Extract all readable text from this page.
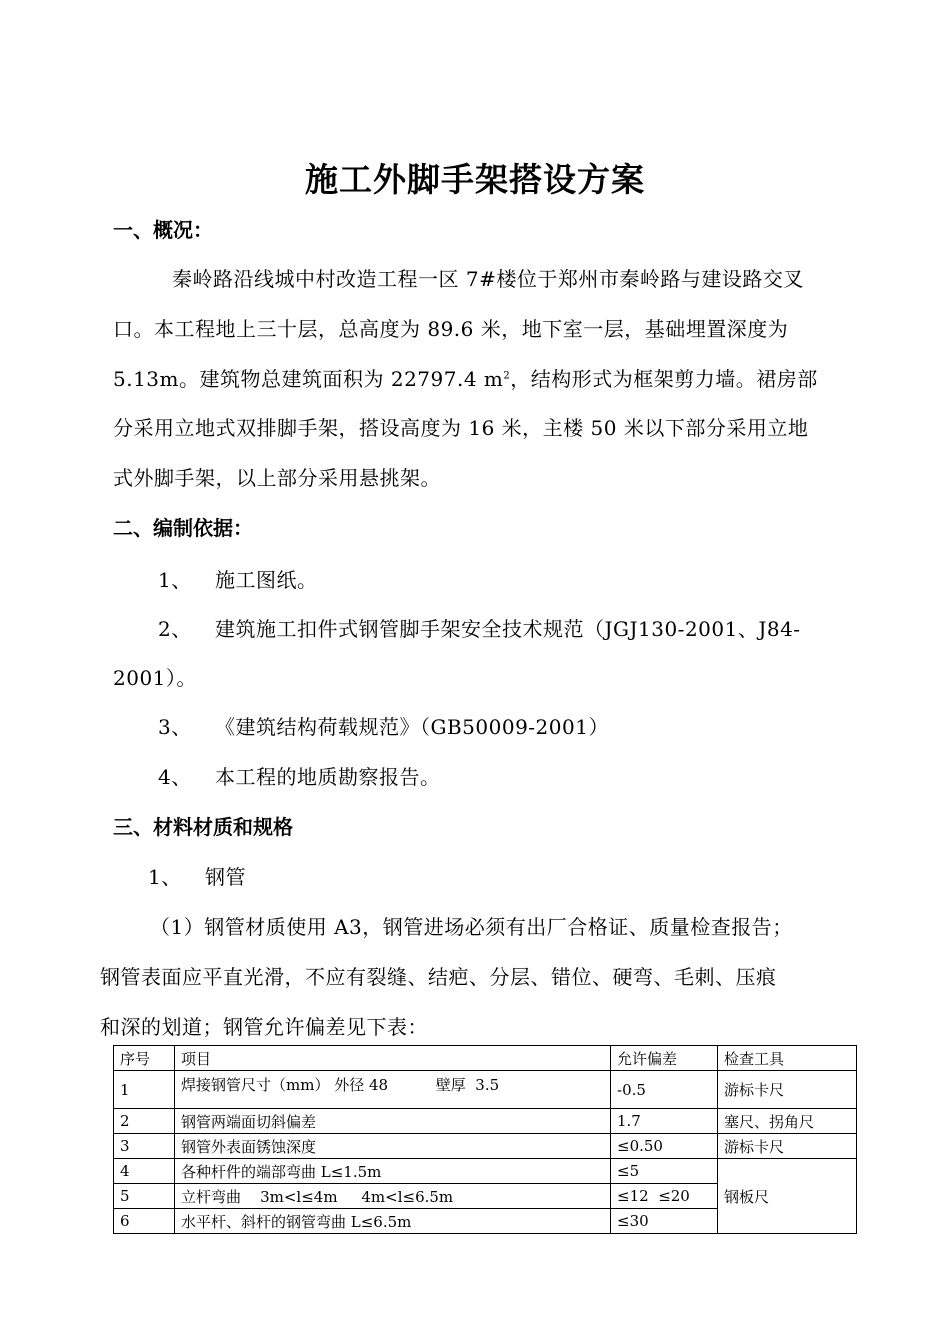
施工外脚手架搭设方案
一、概况：
秦岭路沿线城中村改造工程一区 7#楼位于郑州市秦岭路与建设路交叉
口。本工程地上三十层，总高度为 89.6 米，地下室一层，基础埋置深度为
5.13m。建筑物总建筑面积为 22797.4 $m^2$，结构形式为框架剪力墙。裙房部
分采用立地式双排脚手架，搭设高度为 16 米，主楼 50 米以下部分采用立地
式外脚手架，以上部分采用悬挑架。
二、编制依据：
1、 施工图纸。
2、 建筑施工扣件式钢管脚手架安全技术规范（JGJ130-2001、J84-
2001）。
3、 《建筑结构荷载规范》（GB50009-2001）
4、 本工程的地质勘察报告。
三、材料材质和规格
1、 钢管
（1）钢管材质使用 A3，钢管进场必须有出厂合格证、质量检查报告；
钢管表面应平直光滑，不应有裂缝、结疤、分层、错位、硬弯、毛刺、压痕
和深的划道；钢管允许偏差见下表：
序号	项目	允许偏差	检查工具
1	焊接钢管尺寸（mm） 外径 48          壁厚  3.5	-0.5	游标卡尺
2	钢管两端面切斜偏差	1.7	塞尺、拐角尺
3	钢管外表面锈蚀深度	≤0.50	游标卡尺
4	各种杆件的端部弯曲 L≤1.5m	≤5	钢板尺
5	立杆弯曲    3m<l≤4m     4m<l≤6.5m	≤12  ≤20	
6	水平杆、斜杆的钢管弯曲 L≤6.5m	≤30	
